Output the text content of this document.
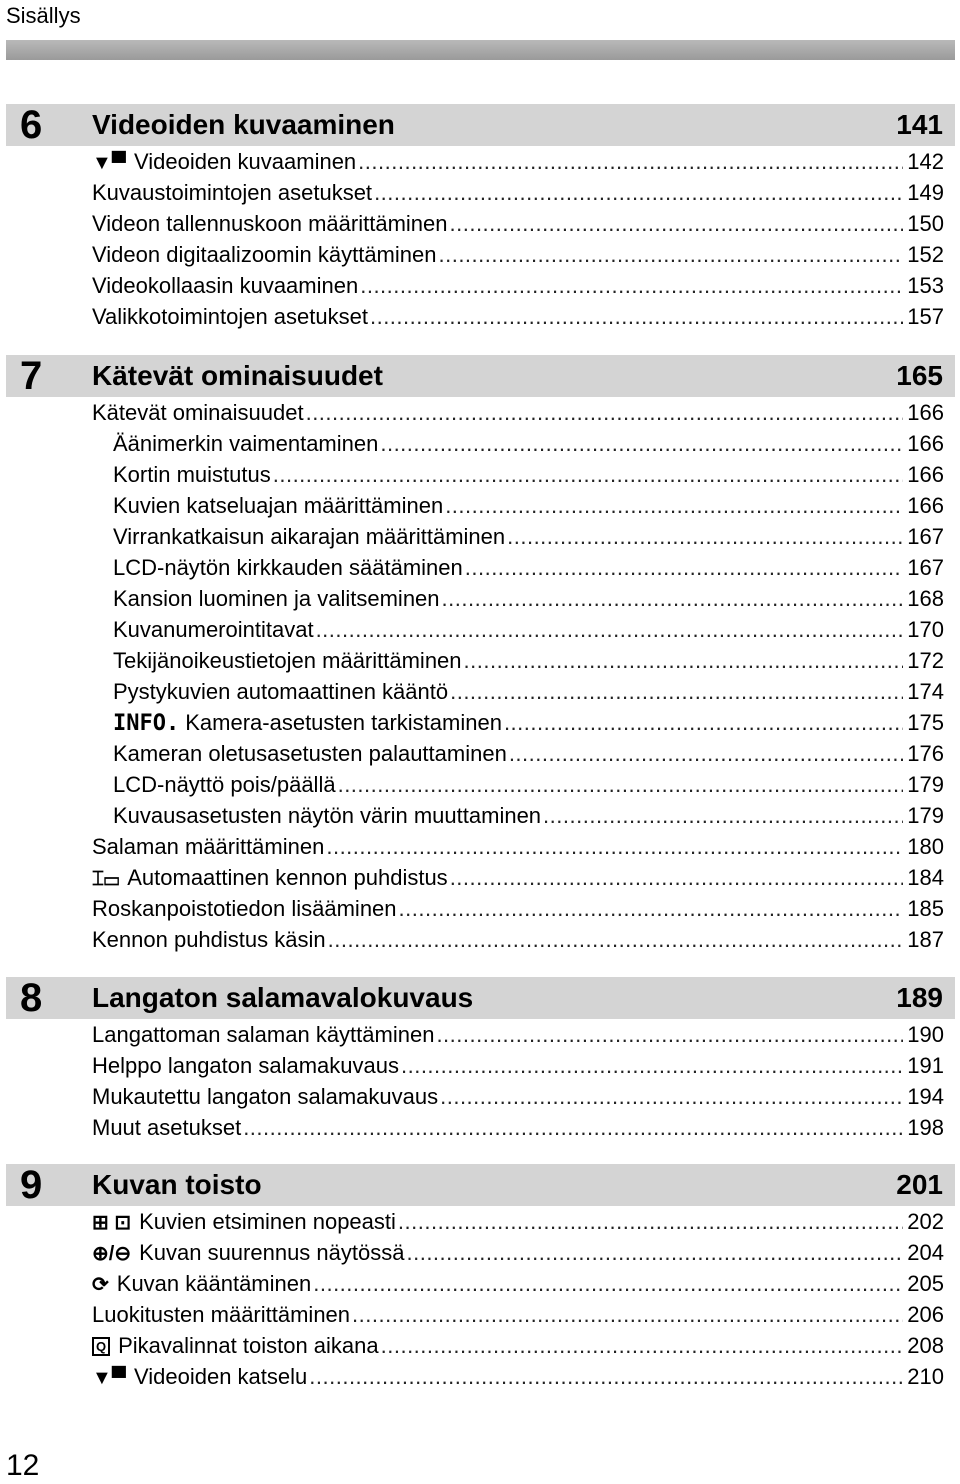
Sisällys
6	Videoiden kuvaaminen	141
▼▀ Videoiden kuvaaminen .....	142
Kuvaustoimintojen asetukset .....	149
Videon tallennuskoon määrittäminen .....	150
Videon digitaalizoomin käyttäminen .....	152
Videokollaasin kuvaaminen .....	153
Valikkotoimintojen asetukset .....	157
7	Kätevät ominaisuudet	165
Kätevät ominaisuudet .....	166
Äänimerkin vaimentaminen .....	166
Kortin muistutus .....	166
Kuvien katseluajan määrittäminen .....	166
Virrankatkaisun aikarajan määrittäminen .....	167
LCD-näytön kirkkauden säätäminen .....	167
Kansion luominen ja valitseminen .....	168
Kuvanumerointitavat .....	170
Tekijänoikeustietojen määrittäminen .....	172
Pystykuvien automaattinen kääntö .....	174
INFO. Kamera-asetusten tarkistaminen .....	175
Kameran oletusasetusten palauttaminen .....	176
LCD-näyttö pois/päällä .....	179
Kuvausasetusten näytön värin muuttaminen .....	179
Salaman määrittäminen .....	180
⌶▭ Automaattinen kennon puhdistus .....	184
Roskanpoistotiedon lisääminen .....	185
Kennon puhdistus käsin .....	187
8	Langaton salamavalokuvaus	189
Langattoman salaman käyttäminen .....	190
Helppo langaton salamakuvaus .....	191
Mukautettu langaton salamakuvaus .....	194
Muut asetukset .....	198
9	Kuvan toisto	201
⊞ ⊡ Kuvien etsiminen nopeasti .....	202
⊕/⊖ Kuvan suurennus näytössä .....	204
⟳ Kuvan kääntäminen .....	205
Luokitusten määrittäminen .....	206
Q Pikavalinnat toiston aikana .....	208
▼▀ Videoiden katselu .....	210
12
